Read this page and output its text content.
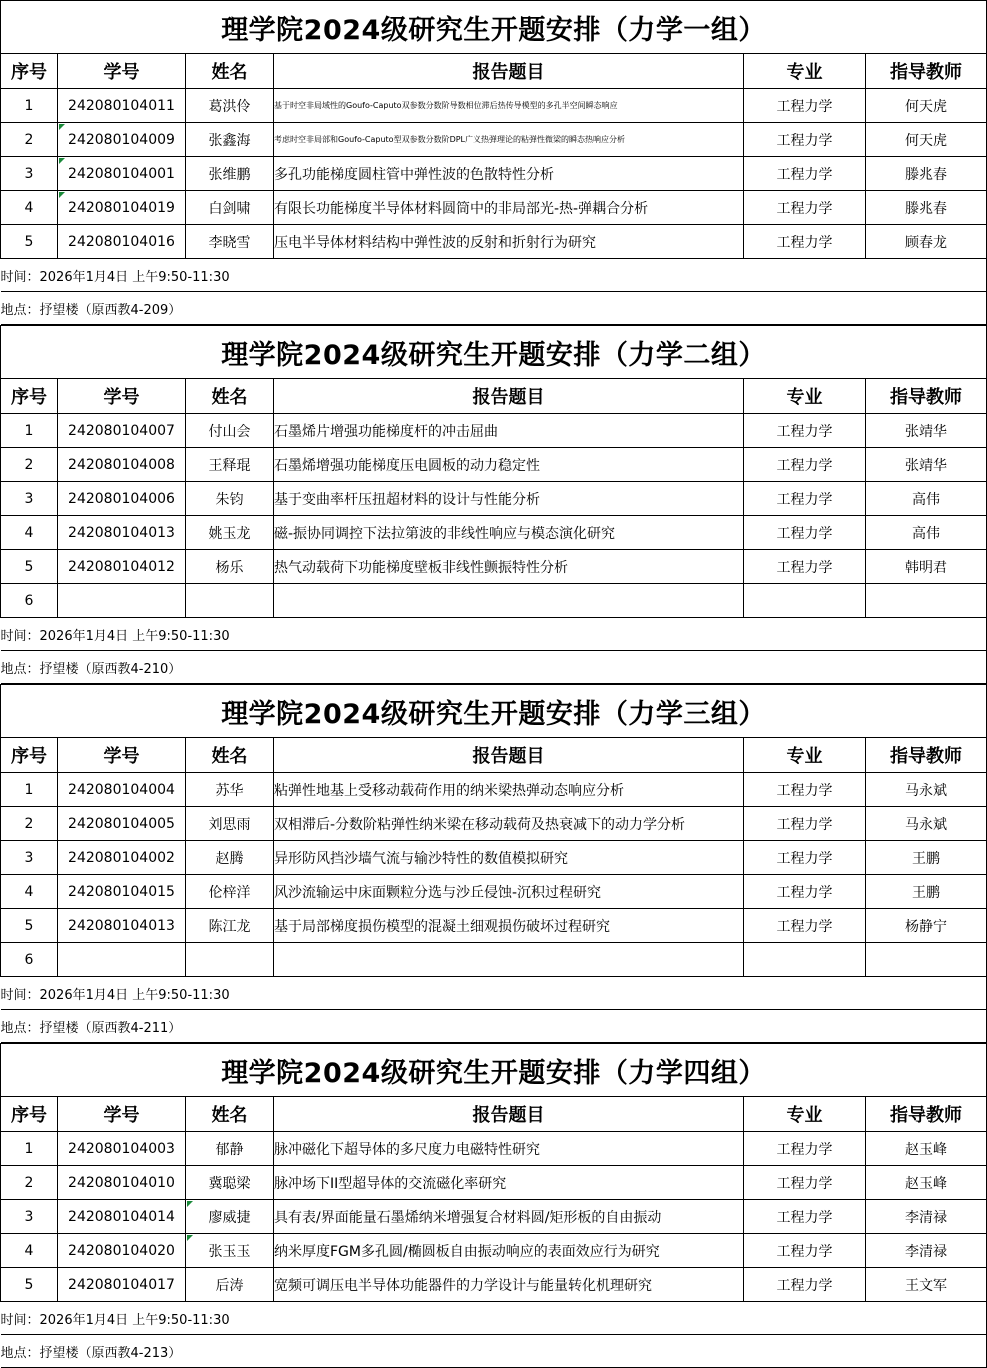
理学院2024级研究生开题安排（力学一组）					
序号	学号	姓名	报告题目	专业	指导教师
1	242080104011	葛洪伶	基于时空非局域性的Goufo-Caputo双参数分数阶导数相位滞后热传导模型的多孔半空间瞬态响应	工程力学	何天虎
2	242080104009	张鑫海	考虑时空非局部和Goufo-Caputo型双参数分数阶DPL广义热弹理论的粘弹性微梁的瞬态热响应分析	工程力学	何天虎
3	242080104001	张维鹏	多孔功能梯度圆柱管中弹性波的色散特性分析	工程力学	滕兆春
4	242080104019	白剑啸	有限长功能梯度半导体材料圆筒中的非局部光-热-弹耦合分析	工程力学	滕兆春
5	242080104016	李晓雪	压电半导体材料结构中弹性波的反射和折射行为研究	工程力学	顾春龙
时间：2026年1月4日 上午9:50-11:30					
地点：抒望楼（原西教4-209）					
理学院2024级研究生开题安排（力学二组）					
序号	学号	姓名	报告题目	专业	指导教师
1	242080104007	付山会	石墨烯片增强功能梯度杆的冲击屈曲	工程力学	张靖华
2	242080104008	王释琨	石墨烯增强功能梯度压电圆板的动力稳定性	工程力学	张靖华
3	242080104006	朱钧	基于变曲率杆压扭超材料的设计与性能分析	工程力学	高伟
4	242080104013	姚玉龙	磁-振协同调控下法拉第波的非线性响应与模态演化研究	工程力学	高伟
5	242080104012	杨乐	热气动载荷下功能梯度壁板非线性颤振特性分析	工程力学	韩明君
6					
时间：2026年1月4日 上午9:50-11:30					
地点：抒望楼（原西教4-210）					
理学院2024级研究生开题安排（力学三组）					
序号	学号	姓名	报告题目	专业	指导教师
1	242080104004	苏华	粘弹性地基上受移动载荷作用的纳米梁热弹动态响应分析	工程力学	马永斌
2	242080104005	刘思雨	双相滞后-分数阶粘弹性纳米梁在移动载荷及热衰减下的动力学分析	工程力学	马永斌
3	242080104002	赵腾	异形防风挡沙墙气流与输沙特性的数值模拟研究	工程力学	王鹏
4	242080104015	伦梓洋	风沙流输运中床面颗粒分选与沙丘侵蚀-沉积过程研究	工程力学	王鹏
5	242080104013	陈江龙	基于局部梯度损伤模型的混凝土细观损伤破坏过程研究	工程力学	杨静宁
6					
时间：2026年1月4日 上午9:50-11:30					
地点：抒望楼（原西教4-211）					
理学院2024级研究生开题安排（力学四组）					
序号	学号	姓名	报告题目	专业	指导教师
1	242080104003	郁静	脉冲磁化下超导体的多尺度力电磁特性研究	工程力学	赵玉峰
2	242080104010	冀聪梁	脉冲场下II型超导体的交流磁化率研究	工程力学	赵玉峰
3	242080104014	廖威捷	具有表/界面能量石墨烯纳米增强复合材料圆/矩形板的自由振动	工程力学	李清禄
4	242080104020	张玉玉	纳米厚度FGM多孔圆/椭圆板自由振动响应的表面效应行为研究	工程力学	李清禄
5	242080104017	后涛	宽频可调压电半导体功能器件的力学设计与能量转化机理研究	工程力学	王文军
时间：2026年1月4日 上午9:50-11:30					
地点：抒望楼（原西教4-213）					
